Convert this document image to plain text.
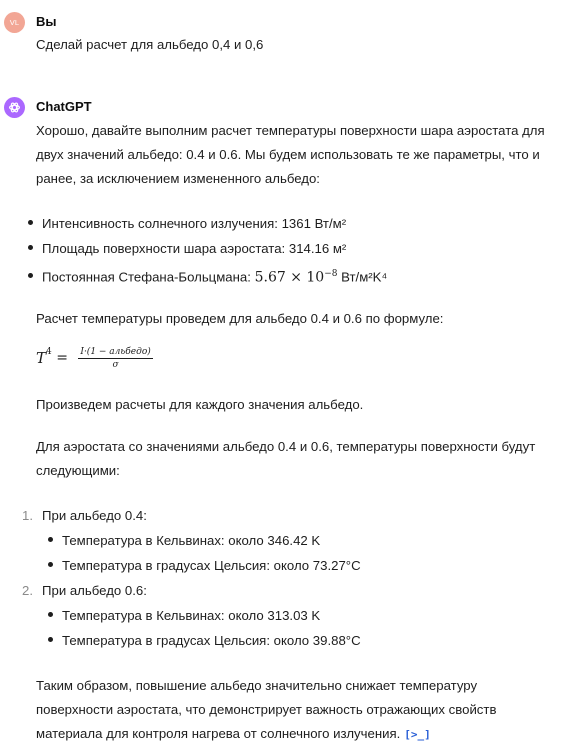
VL	Вы
Сделай расчет для альбедо 0,4 и 0,6
ChatGPT
Хорошо, давайте выполним расчет температуры поверхности шара аэростата для
двух значений альбедо: 0.4 и 0.6. Мы будем использовать те же параметры, что и
ранее, за исключением измененного альбедо:
Интенсивность солнечного излучения: 1361 Вт/м²
Площадь поверхности шара аэростата: 314.16 м²
Постоянная Стефана-Больцмана: $5.67 \times 10^{-8}$ Вт/м²K⁴
Расчет температуры проведем для альбедо 0.4 и 0.6 по формуле:
T $4 = \frac{\text{I·(1 − альбедо)}}{\sigma}$
Произведем расчеты для каждого значения альбедо.
Для аэростата со значениями альбедо 0.4 и 0.6, температуры поверхности будут
следующими:
1. При альбедо 0.4:
Температура в Кельвинах: около 346.42 K
Температура в градусах Цельсия: около 73.27°C
2. При альбедо 0.6:
Температура в Кельвинах: около 313.03 K
Температура в градусах Цельсия: около 39.88°C
Таким образом, повышение альбедо значительно снижает температуру
поверхности аэростата, что демонстрирует важность отражающих свойств
материала для контроля нагрева от солнечного излучения. [>_]
